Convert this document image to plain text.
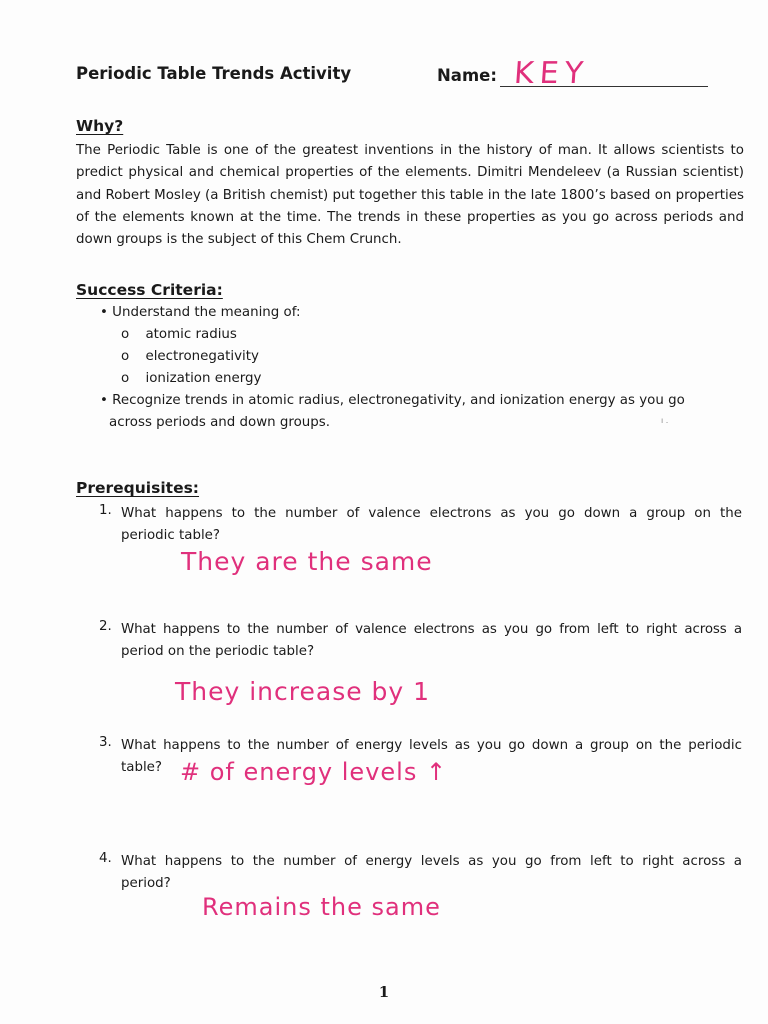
Periodic Table Trends Activity	Name: KEY
Why?
The Periodic Table is one of the greatest inventions in the history of man. It allows scientists to predict physical and chemical properties of the elements. Dimitri Mendeleev (a Russian scientist) and Robert Mosley (a British chemist) put together this table in the late 1800’s based on properties of the elements known at the time. The trends in these properties as you go across periods and down groups is the subject of this Chem Crunch.
Success Criteria:
• Understand the meaning of:
o atomic radius
o electronegativity
o ionization energy
• Recognize trends in atomic radius, electronegativity, and ionization energy as you go
across periods and down groups.	ı .
Prerequisites:
1. What happens to the number of valence electrons as you go down a group on the
periodic table?
They are the same
2. What happens to the number of valence electrons as you go from left to right across a
period on the periodic table?
They increase by 1
3. What happens to the number of energy levels as you go down a group on the periodic
table? # of energy levels ↑
4. What happens to the number of energy levels as you go from left to right across a
period?
Remains the same
1
